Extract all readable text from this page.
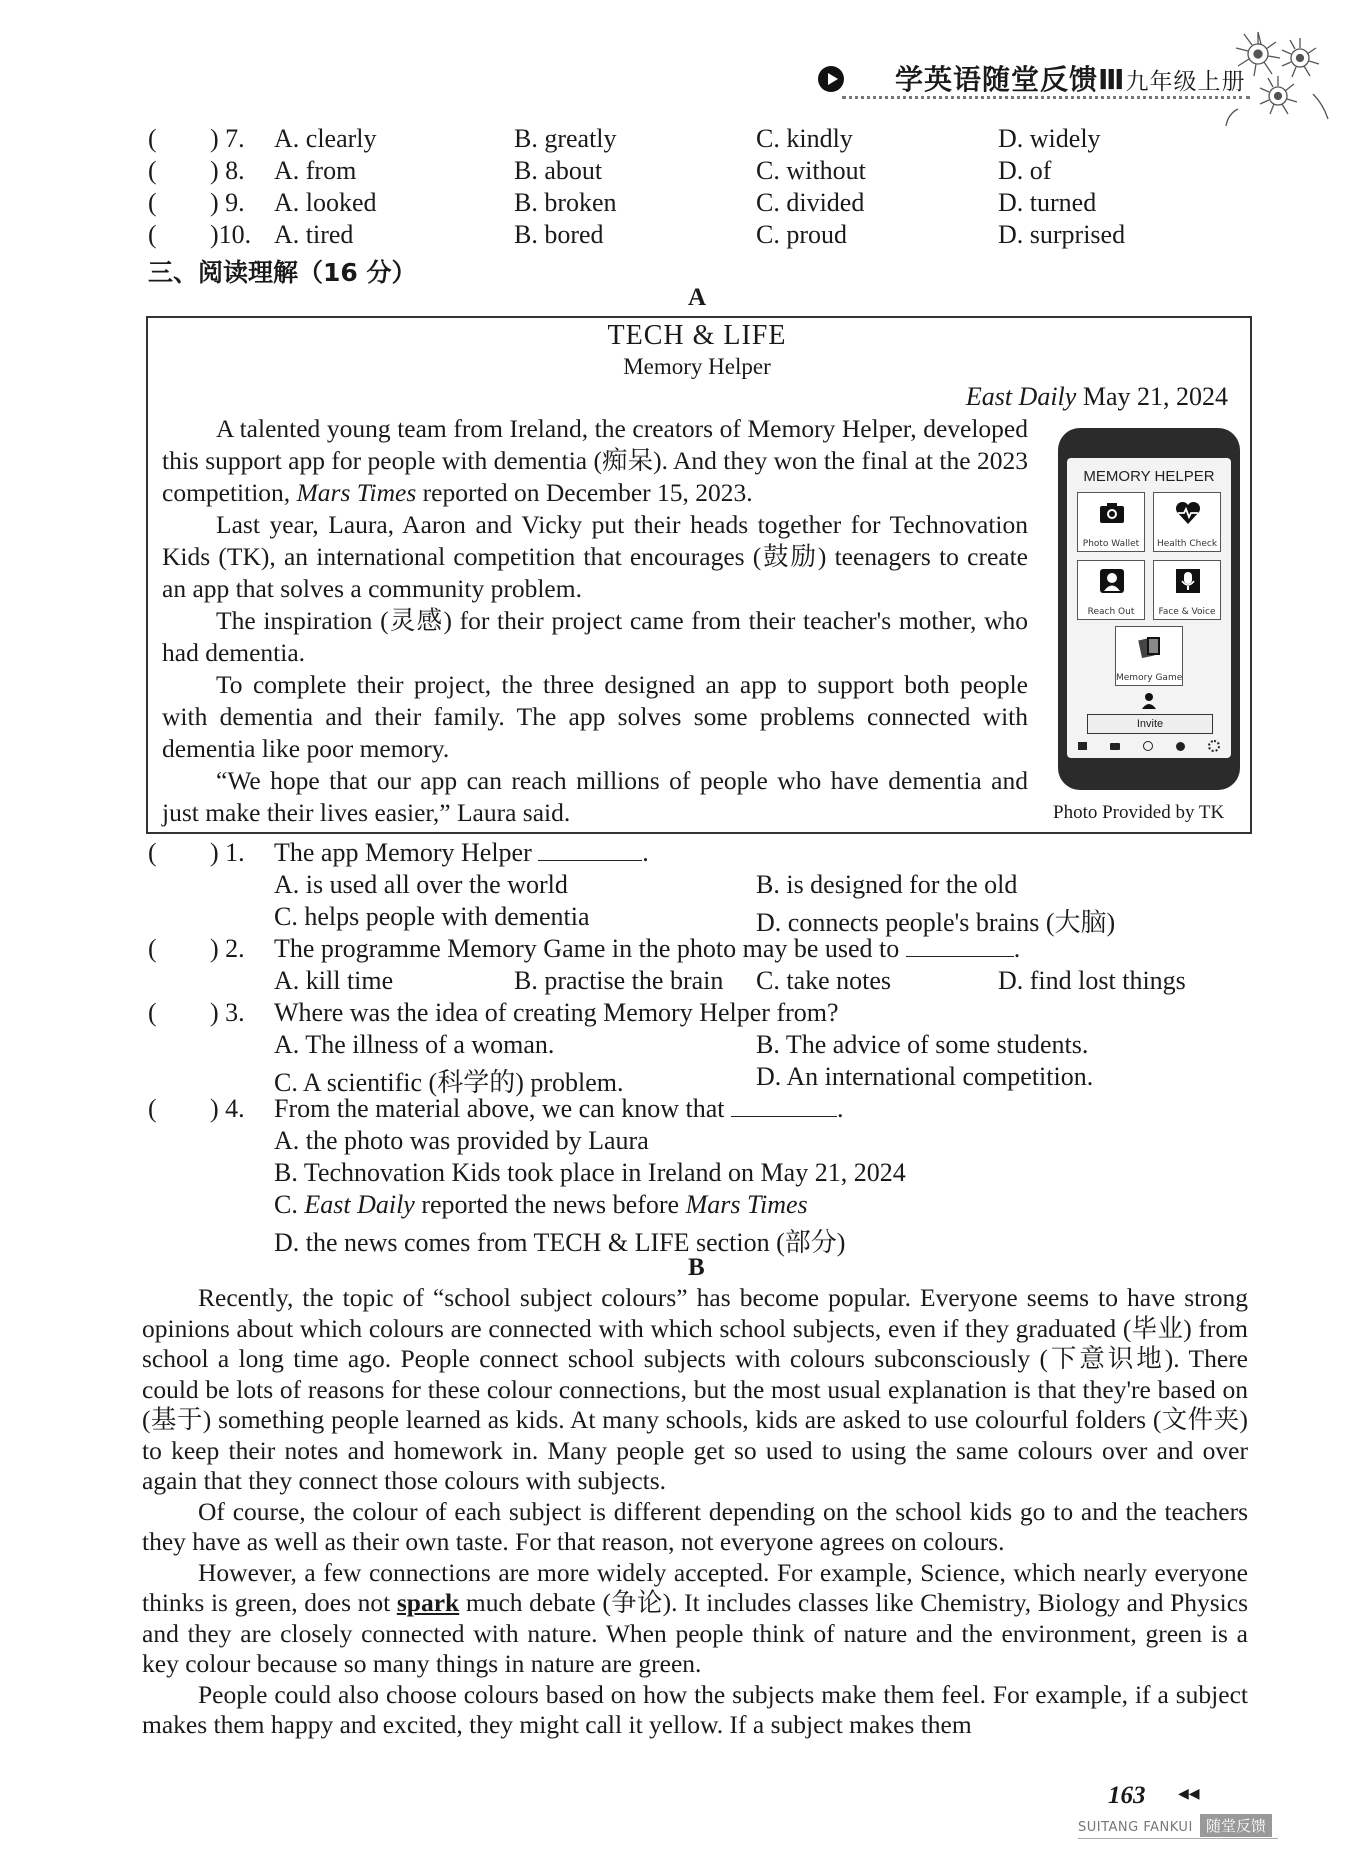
学英语随堂反馈Ⅲ九年级上册
( ) 7. A. clearly	B. greatly	C. kindly	D. widely
( ) 8. A. from	B. about	C. without	D. of
( ) 9. A. looked	B. broken	C. divided	D. turned
( )10. A. tired	B. bored	C. proud	D. surprised
三、阅读理解（16 分）
A
TECH & LIFE
Memory Helper
East Daily May 21, 2024

A talented young team from Ireland, the creators of Memory Helper, developed this support app for people with dementia (痴呆). And they won the final at the 2023 competition, Mars Times reported on December 15, 2023.

Last year, Laura, Aaron and Vicky put their heads together for Technovation Kids (TK), an international competition that encourages (鼓励) teenagers to create an app that solves a community problem.

The inspiration (灵感) for their project came from their teacher's mother, who had dementia.

To complete their project, the three designed an app to support both people with dementia and their family. The app solves some problems connected with dementia like poor memory.

“We hope that our app can reach millions of people who have dementia and just make their lives easier,” Laura said.

MEMORY HELPER
Photo Wallet	Health Check
Reach Out	Face & Voice
Memory Game
Invite
Photo Provided by TK
( ) 1. The app Memory Helper	.
A. is used all over the world	B. is designed for the old
C. helps people with dementia	D. connects people's brains (大脑)
( ) 2. The programme Memory Game in the photo may be used to	.
A. kill time	B. practise the brain C. take notes	D. find lost things
( ) 3. Where was the idea of creating Memory Helper from?
A. The illness of a woman.	B. The advice of some students.
C. A scientific (科学的) problem.	D. An international competition.
( ) 4. From the material above, we can know that	.
A. the photo was provided by Laura
B. Technovation Kids took place in Ireland on May 21, 2024
C. East Daily reported the news before Mars Times
D. the news comes from TECH & LIFE section (部分)
B

Recently, the topic of “school subject colours” has become popular. Everyone seems to have strong opinions about which colours are connected with which school subjects, even if they graduated (毕业) from school a long time ago. People connect school subjects with colours subconsciously (下意识地). There could be lots of reasons for these colour connections, but the most usual explanation is that they're based on (基于) something people learned as kids. At many schools, kids are asked to use colourful folders (文件夹) to keep their notes and homework in. Many people get so used to using the same colours over and over again that they connect those colours with subjects.

Of course, the colour of each subject is different depending on the school kids go to and the teachers they have as well as their own taste. For that reason, not everyone agrees on colours.

However, a few connections are more widely accepted. For example, Science, which nearly everyone thinks is green, does not spark much debate (争论). It includes classes like Chemistry, Biology and Physics and they are closely connected with nature. When people think of nature and the environment, green is a key colour because so many things in nature are green.

People could also choose colours based on how the subjects make them feel. For example, if a subject makes them happy and excited, they might call it yellow. If a subject makes them

163 ◀◀
SUITANG FANKUI 随堂反馈
